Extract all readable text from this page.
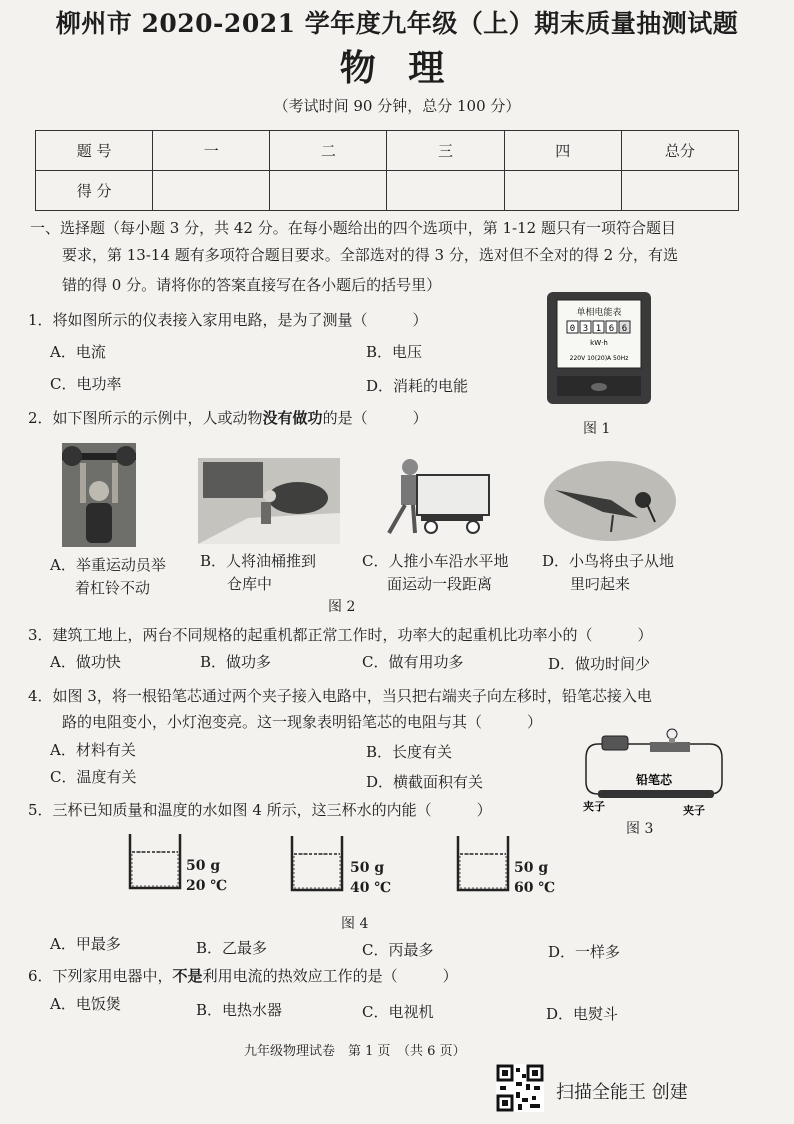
柳州市 2020-2021 学年度九年级（上）期末质量抽测试题
物 理
（考试时间 90 分钟，总分 100 分）
题 号	一	二	三	四	总分
得 分					
一、选择题（每小题 3 分，共 42 分。在每小题给出的四个选项中，第 1-12 题只有一项符合题目
要求，第 13-14 题有多项符合题目要求。全部选对的得 3 分，选对但不全对的得 2 分，有选
错的得 0 分。请将你的答案直接写在各小题后的括号里）
1．将如图所示的仪表接入家用电路，是为了测量（　　　）
A．电流	B．电压
C．电功率	D．消耗的电能
单相电能表
0 3 1 6 6
kW·h
220V 10(20)A 50Hz
图 1
2．如下图所示的示例中，人或动物没有做功的是（　　　）
A．举重运动员举
着杠铃不动
B．人将油桶推到
仓库中
C．人推小车沿水平地
面运动一段距离
D．小鸟将虫子从地
里叼起来
图 2
3．建筑工地上，两台不同规格的起重机都正常工作时，功率大的起重机比功率小的（　　　）
A．做功快	B．做功多	C．做有用功多	D．做功时间少
4．如图 3，将一根铅笔芯通过两个夹子接入电路中，当只把右端夹子向左移时，铅笔芯接入电
路的电阻变小，小灯泡变亮。这一现象表明铅笔芯的电阻与其（　　　）
A．材料有关	B．长度有关
C．温度有关	D．横截面积有关	铅笔芯
夹子	夹子
图 3
5．三杯已知质量和温度的水如图 4 所示，这三杯水的内能（　　　）
50 g
20 ℃
50 g
40 ℃
50 g
60 ℃
图 4
A．甲最多	B．乙最多	C．丙最多	D．一样多
6．下列家用电器中，不是利用电流的热效应工作的是（　　　）
A．电饭煲	B．电热水器	C．电视机	D．电熨斗
九年级物理试卷　第 1 页　（共 6 页）
扫描全能王 创建
